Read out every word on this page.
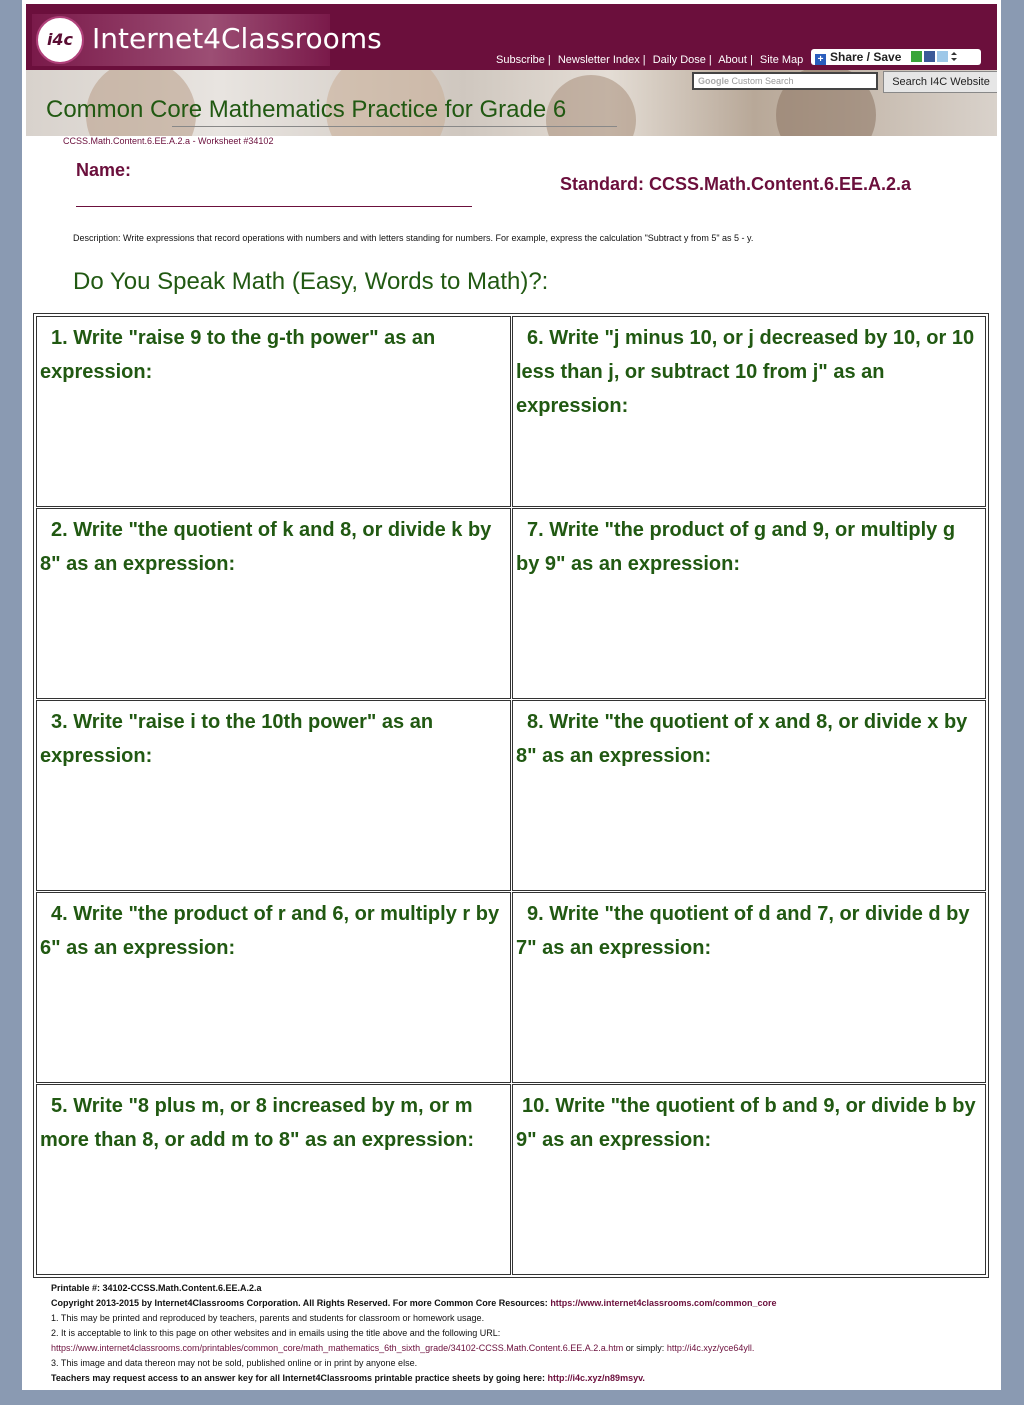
i4c Internet4Classrooms
Subscribe | Newsletter Index | Daily Dose | About | Site Map	+ Share / Save
Google Custom Search	Search I4C Website
Common Core Mathematics Practice for Grade 6
CCSS.Math.Content.6.EE.A.2.a - Worksheet #34102
Name:
Standard: CCSS.Math.Content.6.EE.A.2.a
Description: Write expressions that record operations with numbers and with letters standing for numbers. For example, express the calculation "Subtract y from 5" as 5 - y.
Do You Speak Math (Easy, Words to Math)?:
1. Write "raise 9 to the g-th power" as an expression:
2. Write "the quotient of k and 8, or divide k by 8" as an expression:
3. Write "raise i to the 10th power" as an expression:
4. Write "the product of r and 6, or multiply r by 6" as an expression:
5. Write "8 plus m, or 8 increased by m, or m more than 8, or add m to 8" as an expression:
6. Write "j minus 10, or j decreased by 10, or 10 less than j, or subtract 10 from j" as an expression:
7. Write "the product of g and 9, or multiply g by 9" as an expression:
8. Write "the quotient of x and 8, or divide x by 8" as an expression:
9. Write "the quotient of d and 7, or divide d by 7" as an expression:
10. Write "the quotient of b and 9, or divide b by 9" as an expression:
Printable #: 34102-CCSS.Math.Content.6.EE.A.2.a
Copyright 2013-2015 by Internet4Classrooms Corporation. All Rights Reserved. For more Common Core Resources: https://www.internet4classrooms.com/common_core
1. This may be printed and reproduced by teachers, parents and students for classroom or homework usage.
2. It is acceptable to link to this page on other websites and in emails using the title above and the following URL:
https://www.internet4classrooms.com/printables/common_core/math_mathematics_6th_sixth_grade/34102-CCSS.Math.Content.6.EE.A.2.a.htm or simply: http://i4c.xyz/yce64yll.
3. This image and data thereon may not be sold, published online or in print by anyone else.
Teachers may request access to an answer key for all Internet4Classrooms printable practice sheets by going here: http://i4c.xyz/n89msyv.
